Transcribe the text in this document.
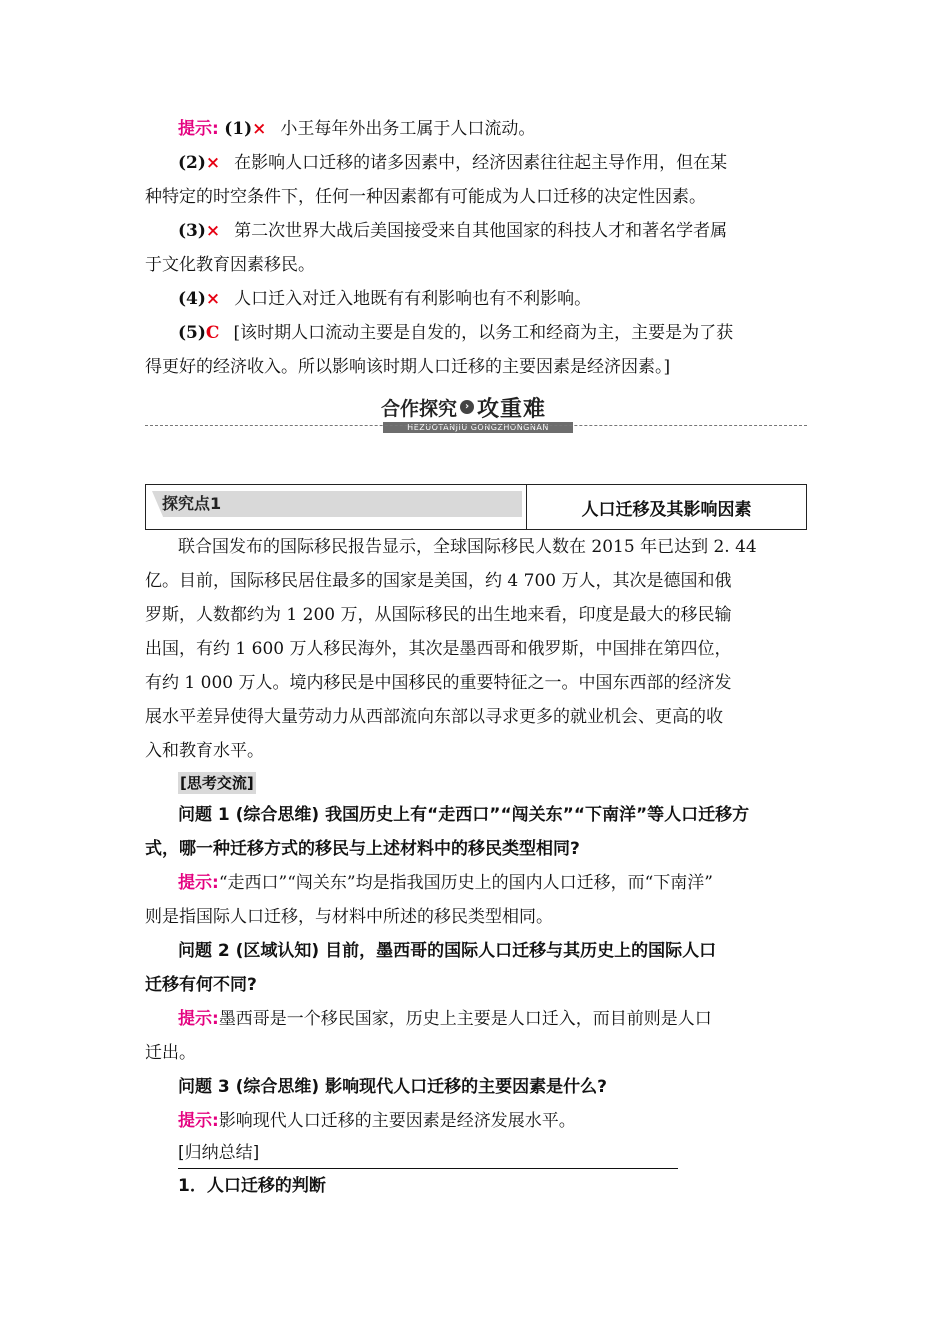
提示: (1)× 小王每年外出务工属于人口流动。

(2)× 在影响人口迁移的诸多因素中，经济因素往往起主导作用，但在某

种特定的时空条件下，任何一种因素都有可能成为人口迁移的决定性因素。

(3)× 第二次世界大战后美国接受来自其他国家的科技人才和著名学者属

于文化教育因素移民。

(4)× 人口迁入对迁入地既有有利影响也有不利影响。

(5)C [该时期人口流动主要是自发的，以务工和经商为主，主要是为了获

得更好的经济收入。所以影响该时期人口迁移的主要因素是经济因素。]

合作探究 › 攻重难
HEZUOTANJIU GONGZHONGNAN
探究点1	人口迁移及其影响因素

联合国发布的国际移民报告显示，全球国际移民人数在 2015 年已达到 2. 44

亿。目前，国际移民居住最多的国家是美国，约 4 700 万人，其次是德国和俄

罗斯，人数都约为 1 200 万，从国际移民的出生地来看，印度是最大的移民输

出国，有约 1 600 万人移民海外，其次是墨西哥和俄罗斯，中国排在第四位，

有约 1 000 万人。境内移民是中国移民的重要特征之一。中国东西部的经济发

展水平差异使得大量劳动力从西部流向东部以寻求更多的就业机会、更高的收

入和教育水平。

[思考交流]

问题 1 (综合思维) 我国历史上有“走西口”“闯关东”“下南洋”等人口迁移方

式，哪一种迁移方式的移民与上述材料中的移民类型相同?

提示:“走西口”“闯关东”均是指我国历史上的国内人口迁移，而“下南洋”

则是指国际人口迁移，与材料中所述的移民类型相同。

问题 2 (区域认知) 目前，墨西哥的国际人口迁移与其历史上的国际人口

迁移有何不同?

提示:墨西哥是一个移民国家，历史上主要是人口迁入，而目前则是人口

迁出。

问题 3 (综合思维) 影响现代人口迁移的主要因素是什么?

提示:影响现代人口迁移的主要因素是经济发展水平。

[归纳总结]

1．人口迁移的判断
